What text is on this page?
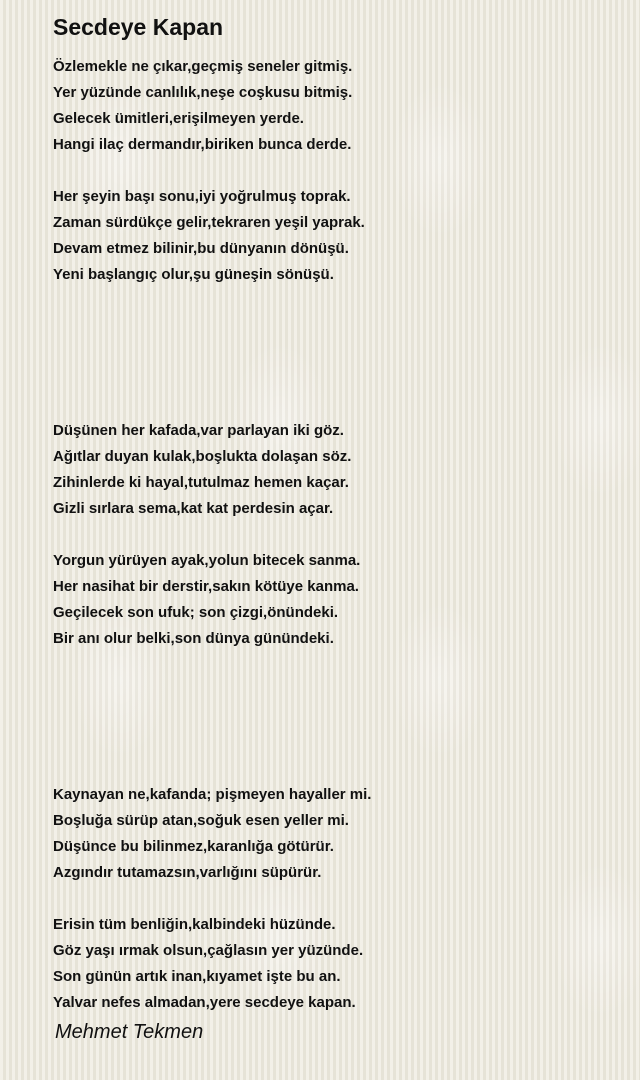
Secdeye Kapan
Özlemekle ne çıkar,geçmiş seneler gitmiş.
Yer yüzünde canlılık,neşe coşkusu bitmiş.
Gelecek ümitleri,erişilmeyen yerde.
Hangi ilaç dermandır,biriken bunca derde.
Her şeyin başı sonu,iyi yoğrulmuş toprak.
Zaman sürdükçe gelir,tekraren yeşil yaprak.
Devam etmez bilinir,bu dünyanın dönüşü.
Yeni başlangıç olur,şu güneşin sönüşü.
Düşünen her kafada,var parlayan iki göz.
Ağıtlar duyan kulak,boşlukta dolaşan söz.
Zihinlerde ki hayal,tutulmaz hemen kaçar.
Gizli sırlara sema,kat kat perdesin açar.
Yorgun yürüyen ayak,yolun bitecek sanma.
Her nasihat bir derstir,sakın kötüye kanma.
Geçilecek son ufuk; son çizgi,önündeki.
Bir anı olur belki,son dünya günündeki.
Kaynayan ne,kafanda; pişmeyen hayaller mi.
Boşluğa sürüp atan,soğuk esen yeller mi.
Düşünce bu bilinmez,karanlığa götürür.
Azgındır tutamazsın,varlığını süpürür.
Erisin tüm benliğin,kalbindeki hüzünde.
Göz yaşı ırmak olsun,çağlasın yer yüzünde.
Son günün artık inan,kıyamet işte bu an.
Yalvar nefes almadan,yere secdeye kapan.
Mehmet Tekmen
